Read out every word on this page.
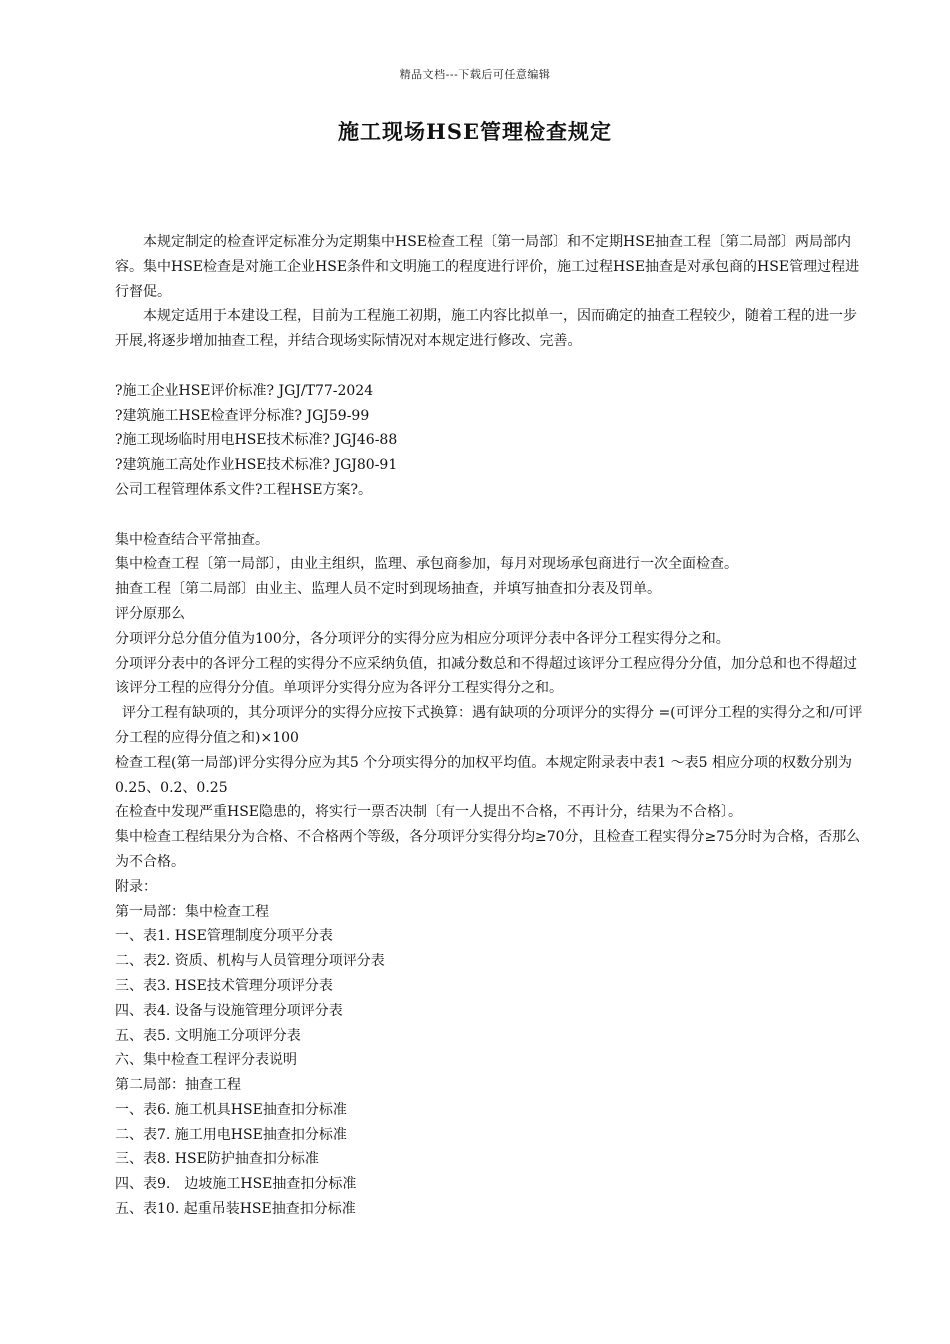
精品文档---下载后可任意编辑
施工现场HSE管理检查规定

本规定制定的检查评定标准分为定期集中HSE检查工程〔第一局部〕和不定期HSE抽查工程〔第二局部〕两局部内容。集中HSE检查是对施工企业HSE条件和文明施工的程度进行评价，施工过程HSE抽查是对承包商的HSE管理过程进行督促。

本规定适用于本建设工程，目前为工程施工初期，施工内容比拟单一，因而确定的抽查工程较少，随着工程的进一步开展,将逐步增加抽查工程，并结合现场实际情况对本规定进行修改、完善。

?施工企业HSE评价标准? JGJ/T77-2024

?建筑施工HSE检查评分标准? JGJ59-99

?施工现场临时用电HSE技术标准? JGJ46-88

?建筑施工高处作业HSE技术标准? JGJ80-91

公司工程管理体系文件?工程HSE方案?。

集中检查结合平常抽查。

集中检查工程〔第一局部〕，由业主组织，监理、承包商参加，每月对现场承包商进行一次全面检查。

抽查工程〔第二局部〕由业主、监理人员不定时到现场抽查，并填写抽查扣分表及罚单。

评分原那么

分项评分总分值分值为100分，各分项评分的实得分应为相应分项评分表中各评分工程实得分之和。

分项评分表中的各评分工程的实得分不应采纳负值，扣减分数总和不得超过该评分工程应得分分值，加分总和也不得超过该评分工程的应得分分值。单项评分实得分应为各评分工程实得分之和。

评分工程有缺项的，其分项评分的实得分应按下式换算：遇有缺项的分项评分的实得分 =(可评分工程的实得分之和/可评分工程的应得分值之和)×100

检查工程(第一局部)评分实得分应为其5 个分项实得分的加权平均值。本规定附录表中表1 ～表5 相应分项的权数分别为0.25、0.2、0.25

在检查中发现严重HSE隐患的，将实行一票否决制〔有一人提出不合格，不再计分，结果为不合格〕。

集中检查工程结果分为合格、不合格两个等级，各分项评分实得分均≥70分，且检查工程实得分≥75分时为合格，否那么为不合格。

附录：

第一局部：集中检查工程

一、表1. HSE管理制度分项平分表

二、表2. 资质、机构与人员管理分项评分表

三、表3. HSE技术管理分项评分表

四、表4. 设备与设施管理分项评分表

五、表5. 文明施工分项评分表

六、集中检查工程评分表说明

第二局部：抽查工程

一、表6. 施工机具HSE抽查扣分标准

二、表7. 施工用电HSE抽查扣分标准

三、表8. HSE防护抽查扣分标准

四、表9.　边坡施工HSE抽查扣分标准

五、表10. 起重吊装HSE抽查扣分标准
